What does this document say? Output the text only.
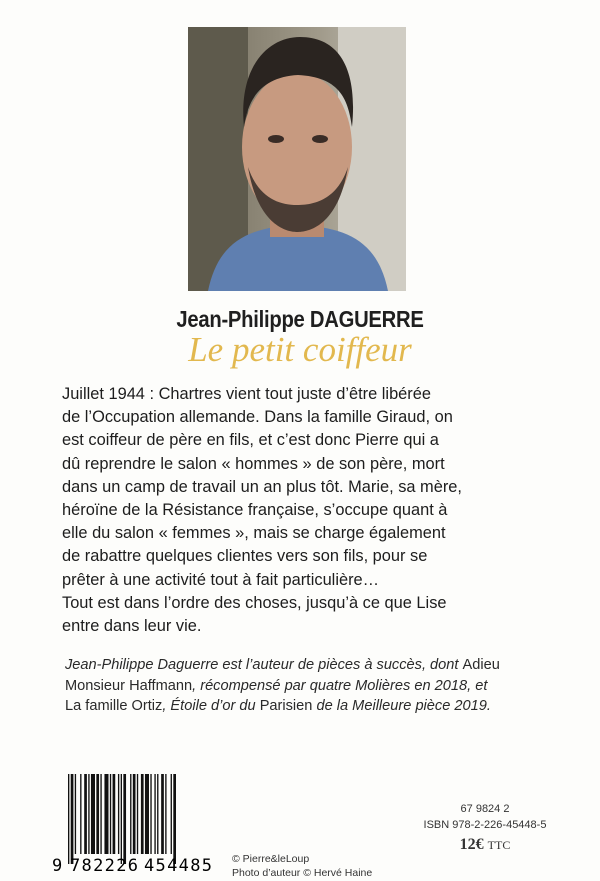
Jean-Philippe DAGUERRE
Le petit coiffeur
Juillet 1944 : Chartres vient tout juste d’être libérée
de l’Occupation allemande. Dans la famille Giraud, on
est coiffeur de père en fils, et c’est donc Pierre qui a
dû reprendre le salon « hommes » de son père, mort
dans un camp de travail un an plus tôt. Marie, sa mère,
héroïne de la Résistance française, s’occupe quant à
elle du salon « femmes », mais se charge également
de rabattre quelques clientes vers son fils, pour se
prêter à une activité tout à fait particulière…
Tout est dans l’ordre des choses, jusqu’à ce que Lise
entre dans leur vie.
Jean-Philippe Daguerre est l’auteur de pièces à succès, dont Adieu
Monsieur Haffmann, récompensé par quatre Molières en 2018, et
La famille Ortiz, Étoile d’or du Parisien de la Meilleure pièce 2019.
9 782226 454485 © Pierre&leLoup
Photo d’auteur © Hervé Haine
67 9824 2
ISBN 978-2-226-45448-5
12€ TTC
